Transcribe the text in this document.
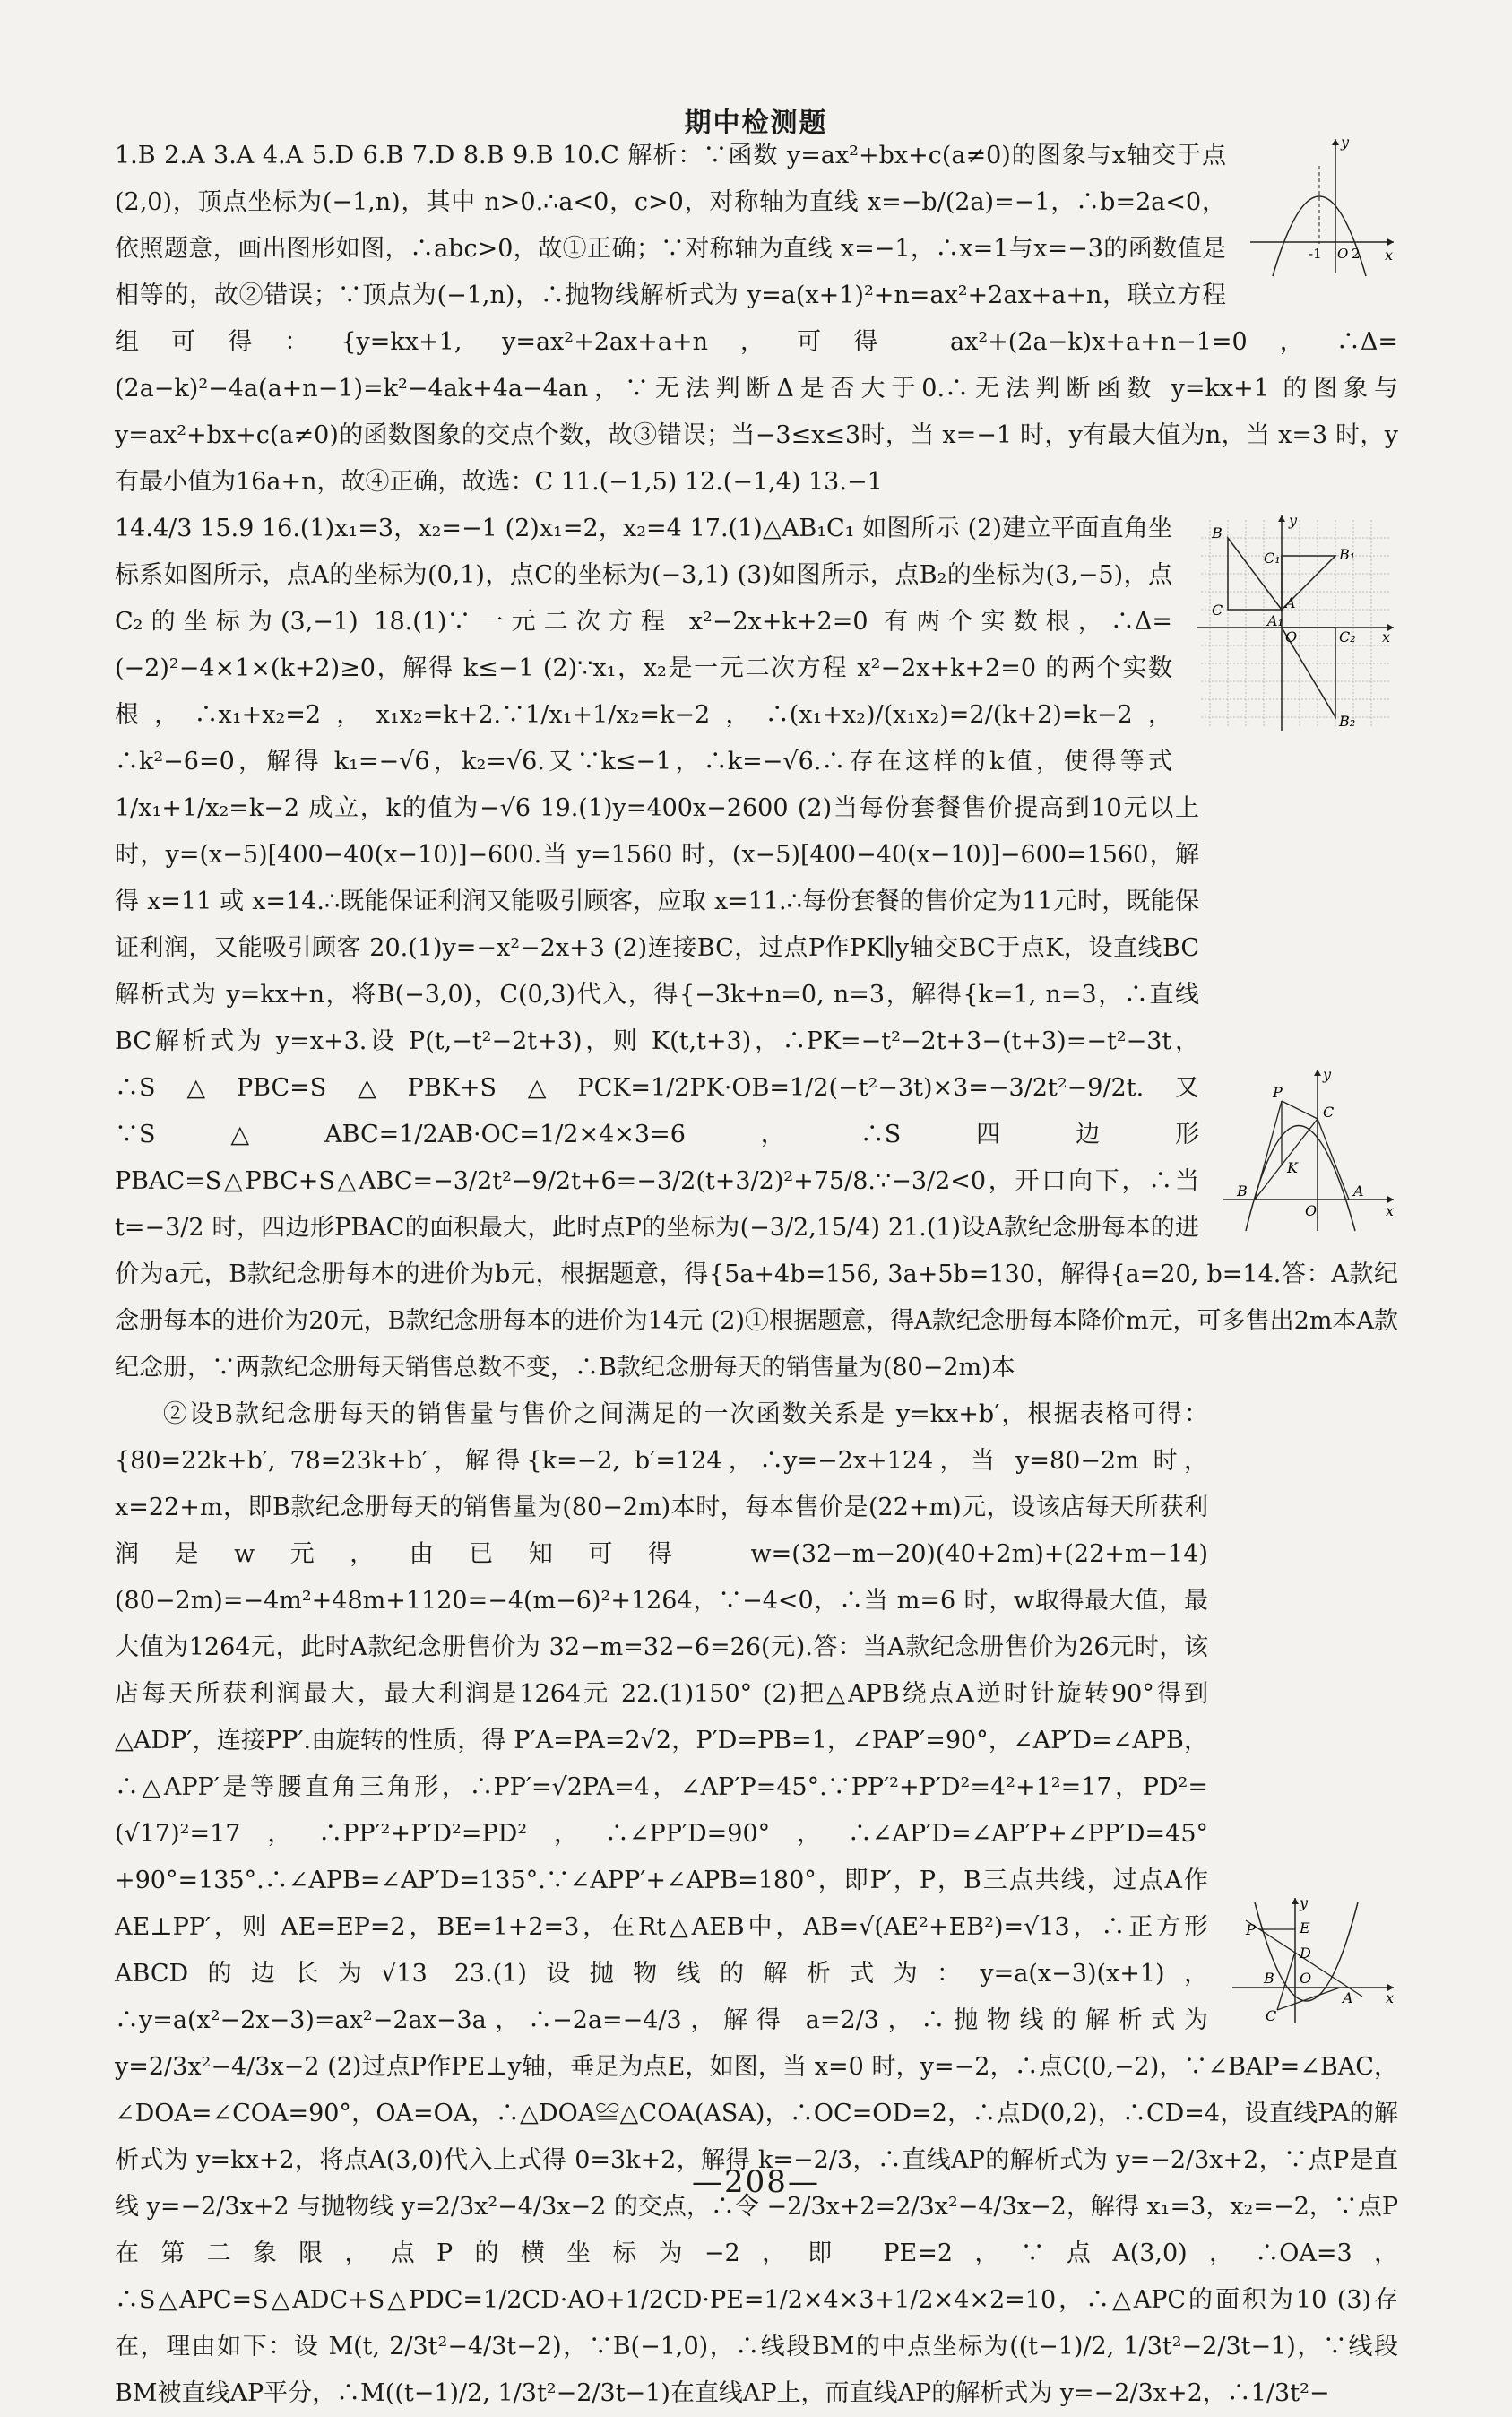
期中检测题
y
x
-1 O 2

1.B 2.A 3.A 4.A 5.D 6.B 7.D 8.B 9.B 10.C 解析：∵函数 y=ax²+bx+c(a≠0)的图象与x轴交于点(2,0)，顶点坐标为(−1,n)，其中 n>0.∴a<0，c>0，对称轴为直线 x=−b/(2a)=−1，∴b=2a<0，依照题意，画出图形如图，∴abc>0，故①正确；∵对称轴为直线 x=−1，∴x=1与x=−3的函数值是相等的，故②错误；∵顶点为(−1,n)，∴抛物线解析式为 y=a(x+1)²+n=ax²+2ax+a+n，联立方程组可得：{y=kx+1, y=ax²+2ax+a+n，可得 ax²+(2a−k)x+a+n−1=0，∴Δ=(2a−k)²−4a(a+n−1)=k²−4ak+4a−4an，∵无法判断Δ是否大于0.∴无法判断函数 y=kx+1 的图象与 y=ax²+bx+c(a≠0)的函数图象的交点个数，故③错误；当−3≤x≤3时，当 x=−1 时，y有最大值为n，当 x=3 时，y有最小值为16a+n，故④正确，故选：C 11.(−1,5) 12.(−1,4) 13.−1

y
B
C₁	B₁
C	A
A₁
O	C₂ x
B₂
y
P
C
K
B
O
A
x

14.4/3 15.9 16.(1)x₁=3，x₂=−1 (2)x₁=2，x₂=4 17.(1)△AB₁C₁ 如图所示 (2)建立平面直角坐标系如图所示，点A的坐标为(0,1)，点C的坐标为(−3,1) (3)如图所示，点B₂的坐标为(3,−5)，点C₂的坐标为(3,−1) 18.(1)∵一元二次方程 x²−2x+k+2=0 有两个实数根，∴Δ=(−2)²−4×1×(k+2)≥0，解得 k≤−1 (2)∵x₁，x₂是一元二次方程 x²−2x+k+2=0 的两个实数根，∴x₁+x₂=2，x₁x₂=k+2.∵1/x₁+1/x₂=k−2，∴(x₁+x₂)/(x₁x₂)=2/(k+2)=k−2，∴k²−6=0，解得 k₁=−√6，k₂=√6.又∵k≤−1，∴k=−√6.∴存在这样的k值，使得等式 1/x₁+1/x₂=k−2 成立，k的值为−√6 19.(1)y=400x−2600 (2)当每份套餐售价提高到10元以上时，y=(x−5)[400−40(x−10)]−600.当 y=1560 时，(x−5)[400−40(x−10)]−600=1560，解得 x=11 或 x=14.∴既能保证利润又能吸引顾客，应取 x=11.∴每份套餐的售价定为11元时，既能保证利润，又能吸引顾客 20.(1)y=−x²−2x+3 (2)连接BC，过点P作PK∥y轴交BC于点K，设直线BC解析式为 y=kx+n，将B(−3,0)，C(0,3)代入，得{−3k+n=0, n=3，解得{k=1, n=3，∴直线BC解析式为 y=x+3.设 P(t,−t²−2t+3)，则 K(t,t+3)，∴PK=−t²−2t+3−(t+3)=−t²−3t，∴S△PBC=S△PBK+S△PCK=1/2PK·OB=1/2(−t²−3t)×3=−3/2t²−9/2t.又∵S△ABC=1/2AB·OC=1/2×4×3=6，∴S四边形PBAC=S△PBC+S△ABC=−3/2t²−9/2t+6=−3/2(t+3/2)²+75/8.∵−3/2<0，开口向下，∴当 t=−3/2 时，四边形PBAC的面积最大，此时点P的坐标为(−3/2,15/4) 21.(1)设A款纪念册每本的进价为a元，B款纪念册每本的进价为b元，根据题意，得{5a+4b=156, 3a+5b=130，解得{a=20, b=14.答：A款纪念册每本的进价为20元，B款纪念册每本的进价为14元 (2)①根据题意，得A款纪念册每本降价m元，可多售出2m本A款纪念册，∵两款纪念册每天销售总数不变，∴B款纪念册每天的销售量为(80−2m)本

y
P	E
D
B O
A x
C

②设B款纪念册每天的销售量与售价之间满足的一次函数关系是 y=kx+b′，根据表格可得：{80=22k+b′, 78=23k+b′，解得{k=−2, b′=124，∴y=−2x+124，当 y=80−2m 时，x=22+m，即B款纪念册每天的销售量为(80−2m)本时，每本售价是(22+m)元，设该店每天所获利润是w元，由已知可得 w=(32−m−20)(40+2m)+(22+m−14)(80−2m)=−4m²+48m+1120=−4(m−6)²+1264，∵−4<0，∴当 m=6 时，w取得最大值，最大值为1264元，此时A款纪念册售价为 32−m=32−6=26(元).答：当A款纪念册售价为26元时，该店每天所获利润最大，最大利润是1264元 22.(1)150° (2)把△APB绕点A逆时针旋转90°得到△ADP′，连接PP′.由旋转的性质，得 P′A=PA=2√2，P′D=PB=1，∠PAP′=90°，∠AP′D=∠APB，∴△APP′是等腰直角三角形，∴PP′=√2PA=4，∠AP′P=45°.∵PP′²+P′D²=4²+1²=17，PD²=(√17)²=17，∴PP′²+P′D²=PD²，∴∠PP′D=90°，∴∠AP′D=∠AP′P+∠PP′D=45°+90°=135°.∴∠APB=∠AP′D=135°.∵∠APP′+∠APB=180°，即P′，P，B三点共线，过点A作AE⊥PP′，则 AE=EP=2，BE=1+2=3，在Rt△AEB中，AB=√(AE²+EB²)=√13，∴正方形ABCD的边长为√13 23.(1)设抛物线的解析式为：y=a(x−3)(x+1)，∴y=a(x²−2x−3)=ax²−2ax−3a，∴−2a=−4/3，解得 a=2/3，∴抛物线的解析式为 y=2/3x²−4/3x−2 (2)过点P作PE⊥y轴，垂足为点E，如图，当 x=0 时，y=−2，∴点C(0,−2)，∵∠BAP=∠BAC，∠DOA=∠COA=90°，OA=OA，∴△DOA≌△COA(ASA)，∴OC=OD=2，∴点D(0,2)，∴CD=4，设直线PA的解析式为 y=kx+2，将点A(3,0)代入上式得 0=3k+2，解得 k=−2/3，∴直线AP的解析式为 y=−2/3x+2，∵点P是直线 y=−2/3x+2 与抛物线 y=2/3x²−4/3x−2 的交点，∴令 −2/3x+2=2/3x²−4/3x−2，解得 x₁=3，x₂=−2，∵点P在第二象限，点P的横坐标为−2，即 PE=2，∵点A(3,0)，∴OA=3，∴S△APC=S△ADC+S△PDC=1/2CD·AO+1/2CD·PE=1/2×4×3+1/2×4×2=10，∴△APC的面积为10 (3)存在，理由如下：设 M(t, 2/3t²−4/3t−2)，∵B(−1,0)，∴线段BM的中点坐标为((t−1)/2, 1/3t²−2/3t−1)，∵线段BM被直线AP平分，∴M((t−1)/2, 1/3t²−2/3t−1)在直线AP上，而直线AP的解析式为 y=−2/3x+2，∴1/3t²−

—208—
